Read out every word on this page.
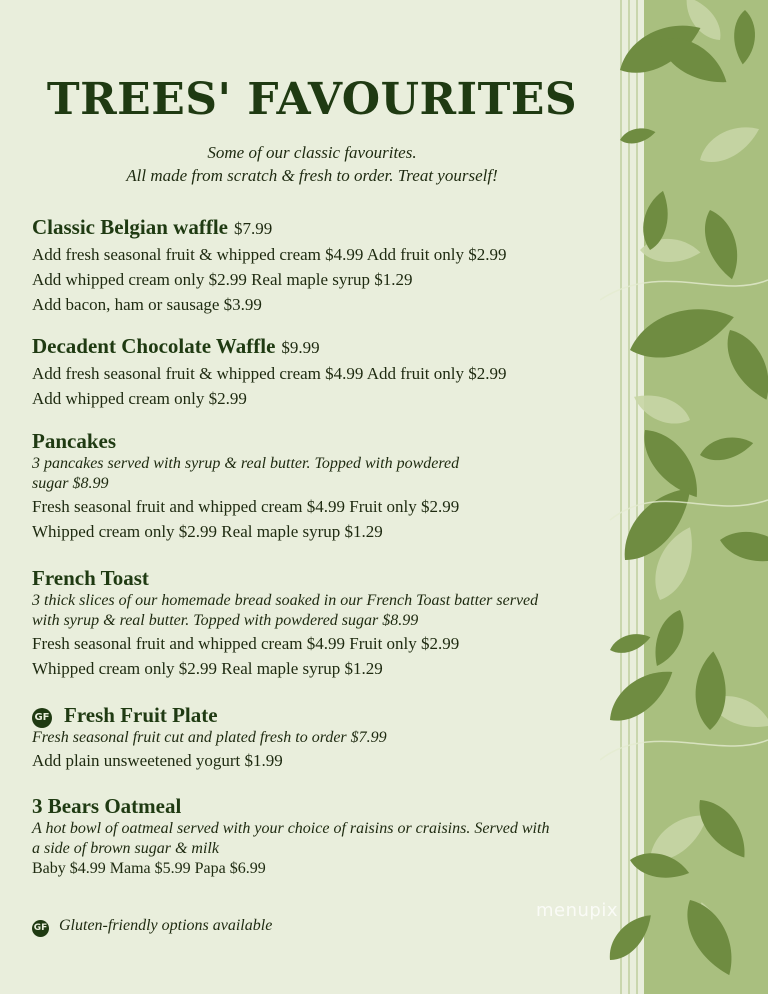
TREES' FAVOURITES
Some of our classic favourites.
All made from scratch & fresh to order. Treat yourself!
Classic Belgian waffle $7.99
Add fresh seasonal fruit & whipped cream $4.99 Add fruit only $2.99
Add whipped cream only $2.99 Real maple syrup $1.29
Add bacon, ham or sausage $3.99
Decadent Chocolate Waffle $9.99
Add fresh seasonal fruit & whipped cream $4.99 Add fruit only $2.99
Add whipped cream only $2.99
Pancakes
3 pancakes served with syrup & real butter. Topped with powdered
sugar $8.99
Fresh seasonal fruit and whipped cream $4.99 Fruit only $2.99
Whipped cream only $2.99 Real maple syrup $1.29
French Toast
3 thick slices of our homemade bread soaked in our French Toast batter served
with syrup & real butter. Topped with powdered sugar $8.99
Fresh seasonal fruit and whipped cream $4.99 Fruit only $2.99
Whipped cream only $2.99 Real maple syrup $1.29
GF Fresh Fruit Plate
Fresh seasonal fruit cut and plated fresh to order $7.99
Add plain unsweetened yogurt $1.99
3 Bears Oatmeal
A hot bowl of oatmeal served with your choice of raisins or craisins. Served with
a side of brown sugar & milk
Baby $4.99 Mama $5.99 Papa $6.99
GF Gluten-friendly options available
menupix
